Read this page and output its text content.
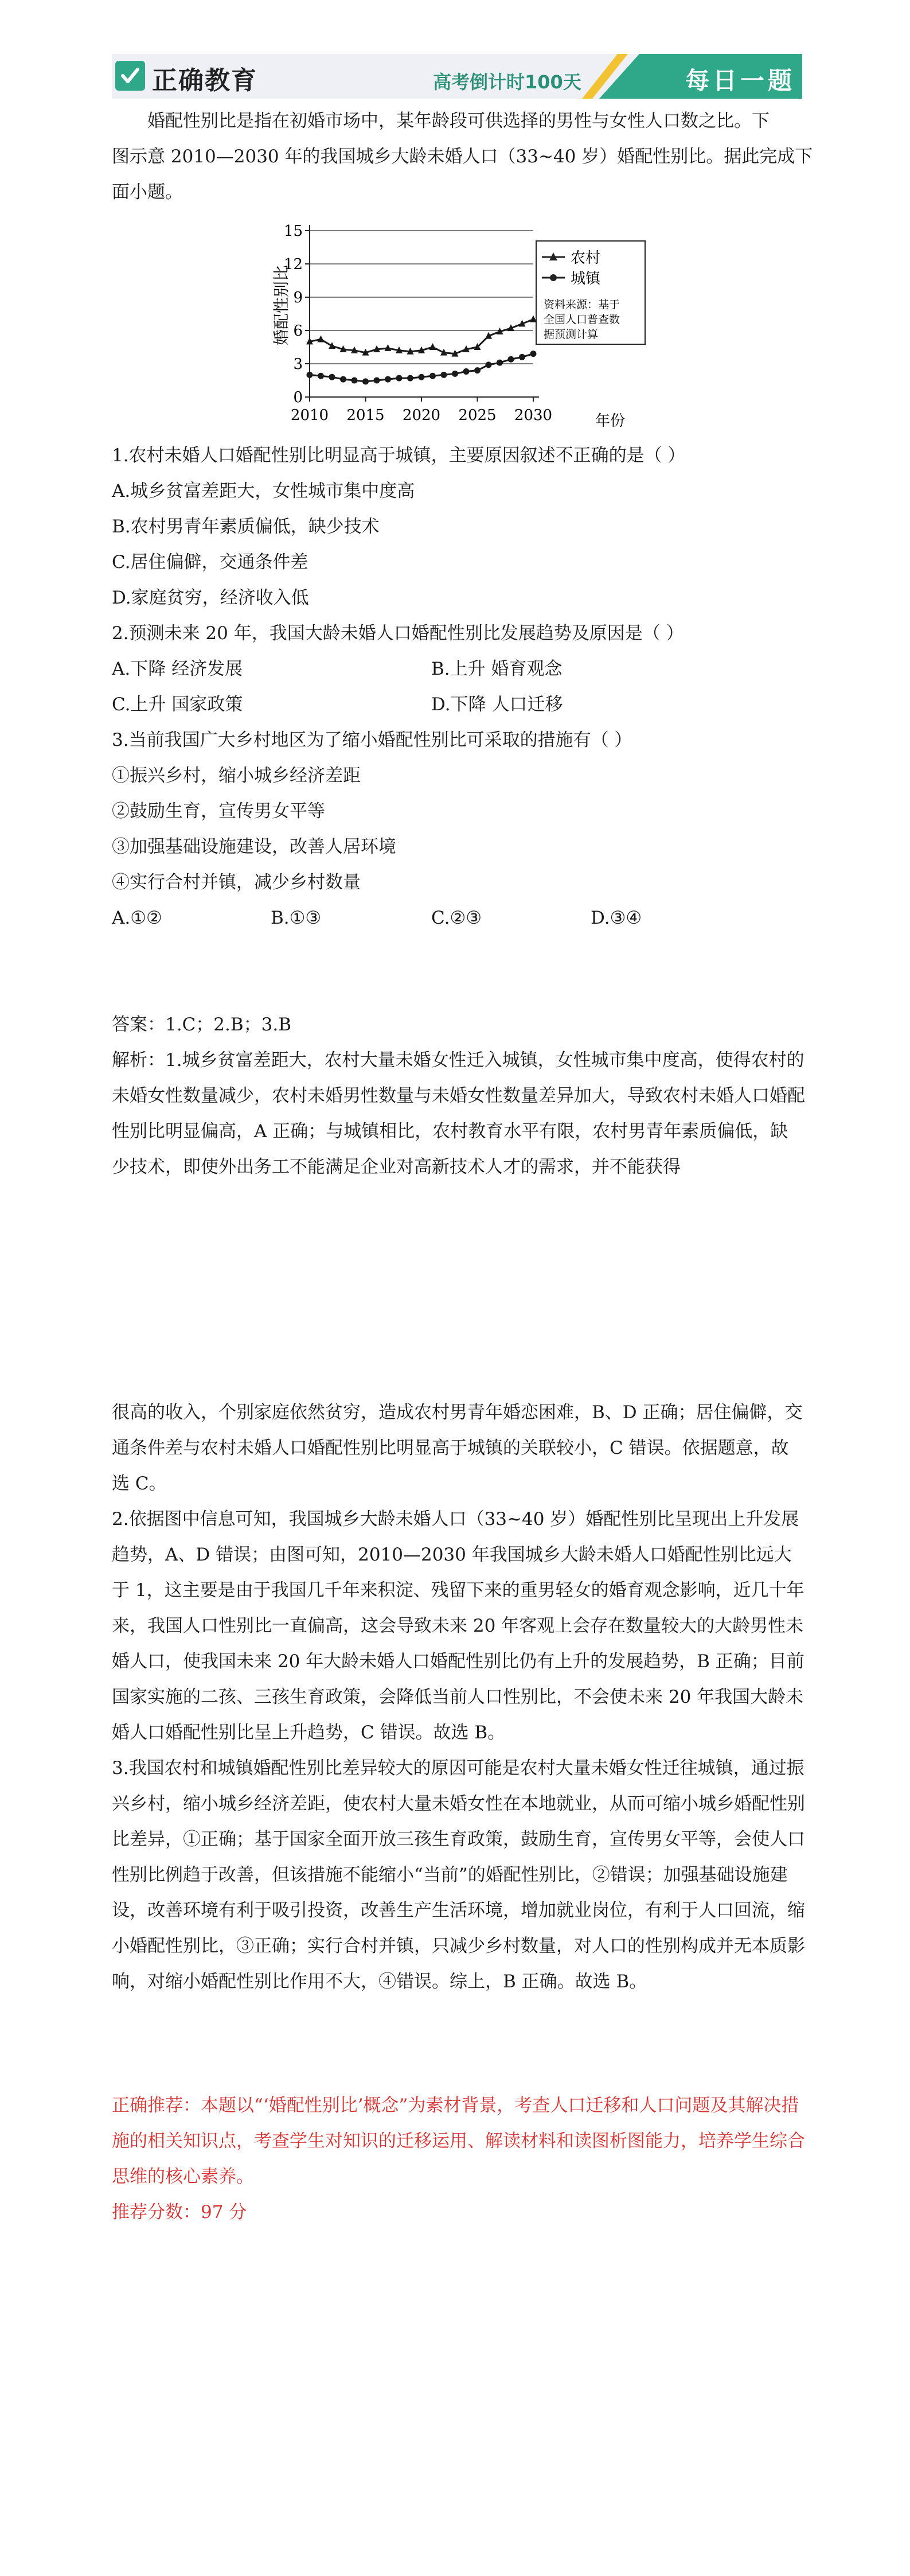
正确教育	高考倒计时100天	每日一题

婚配性别比是指在初婚市场中，某年龄段可供选择的男性与女性人口数之比。下

图示意 2010—2030 年的我国城乡大龄未婚人口（33~40 岁）婚配性别比。据此完成下

面小题。

0
3
6
9
12
15
2010 2015 2020 2025 2030
婚配性别比
年份
农村
城镇
资料来源：基于
全国人口普查数
据预测计算

1.农村未婚人口婚配性别比明显高于城镇，主要原因叙述不正确的是（ ）

A.城乡贫富差距大，女性城市集中度高

B.农村男青年素质偏低，缺少技术

C.居住偏僻，交通条件差

D.家庭贫穷，经济收入低

2.预测未来 20 年，我国大龄未婚人口婚配性别比发展趋势及原因是（ ）

A.下降 经济发展	B.上升 婚育观念

C.上升 国家政策	D.下降 人口迁移

3.当前我国广大乡村地区为了缩小婚配性别比可采取的措施有（ ）

①振兴乡村，缩小城乡经济差距

②鼓励生育，宣传男女平等

③加强基础设施建设，改善人居环境

④实行合村并镇，减少乡村数量

A.①②	B.①③	C.②③	D.③④

答案：1.C；2.B；3.B

解析：1.城乡贫富差距大，农村大量未婚女性迁入城镇，女性城市集中度高，使得农村的未婚女性数量减少，农村未婚男性数量与未婚女性数量差异加大，导致农村未婚人口婚配性别比明显偏高，A 正确；与城镇相比，农村教育水平有限，农村男青年素质偏低，缺少技术，即使外出务工不能满足企业对高新技术人才的需求，并不能获得

很高的收入，个别家庭依然贫穷，造成农村男青年婚恋困难，B、D 正确；居住偏僻，交通条件差与农村未婚人口婚配性别比明显高于城镇的关联较小，C 错误。依据题意，故选 C。

2.依据图中信息可知，我国城乡大龄未婚人口（33~40 岁）婚配性别比呈现出上升发展趋势，A、D 错误；由图可知，2010—2030 年我国城乡大龄未婚人口婚配性别比远大于 1，这主要是由于我国几千年来积淀、残留下来的重男轻女的婚育观念影响，近几十年来，我国人口性别比一直偏高，这会导致未来 20 年客观上会存在数量较大的大龄男性未婚人口，使我国未来 20 年大龄未婚人口婚配性别比仍有上升的发展趋势，B 正确；目前国家实施的二孩、三孩生育政策，会降低当前人口性别比，不会使未来 20 年我国大龄未婚人口婚配性别比呈上升趋势，C 错误。故选 B。

3.我国农村和城镇婚配性别比差异较大的原因可能是农村大量未婚女性迁往城镇，通过振兴乡村，缩小城乡经济差距，使农村大量未婚女性在本地就业，从而可缩小城乡婚配性别比差异，①正确；基于国家全面开放三孩生育政策，鼓励生育，宣传男女平等，会使人口性别比例趋于改善，但该措施不能缩小“当前”的婚配性别比，②错误；加强基础设施建设，改善环境有利于吸引投资，改善生产生活环境，增加就业岗位，有利于人口回流，缩小婚配性别比，③正确；实行合村并镇，只减少乡村数量，对人口的性别构成并无本质影响，对缩小婚配性别比作用不大，④错误。综上，B 正确。故选 B。

正确推荐：本题以“‘婚配性别比’概念”为素材背景，考查人口迁移和人口问题及其解决措施的相关知识点，考查学生对知识的迁移运用、解读材料和读图析图能力，培养学生综合思维的核心素养。

推荐分数：97 分
